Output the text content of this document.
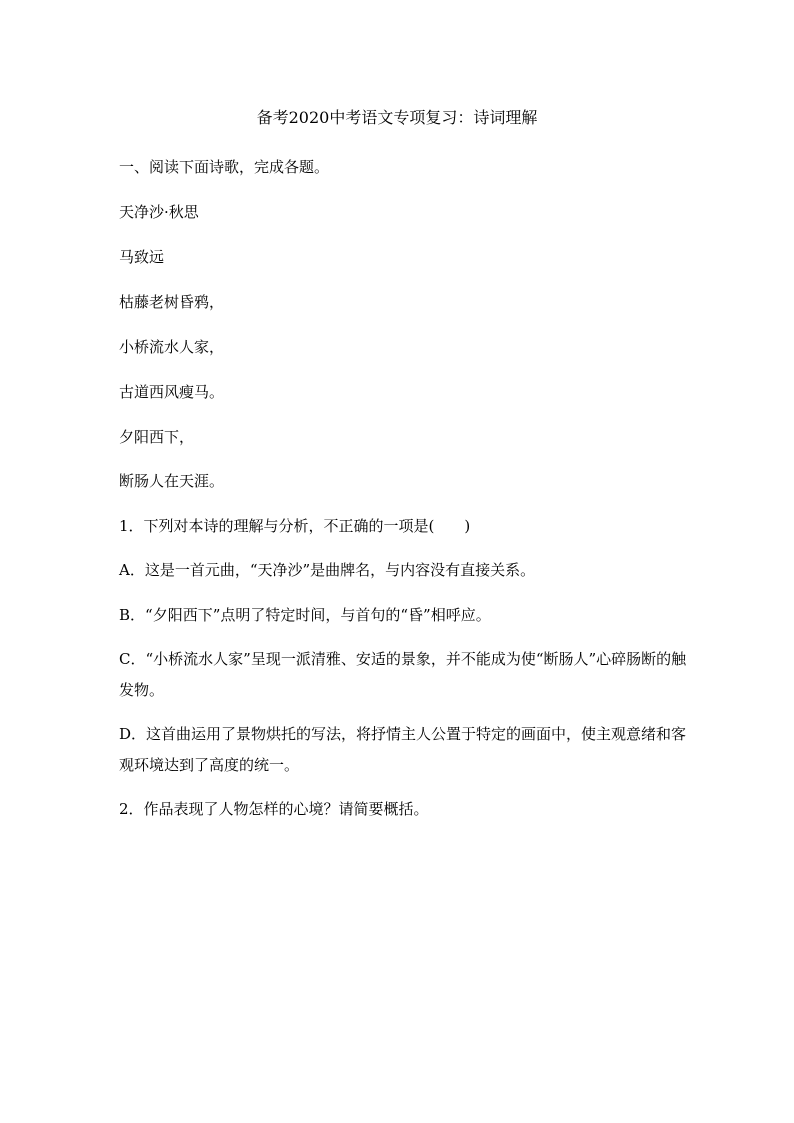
备考2020中考语文专项复习：诗词理解
一、阅读下面诗歌，完成各题。
天净沙·秋思
马致远
枯藤老树昏鸦，
小桥流水人家，
古道西风瘦马。
夕阳西下，
断肠人在天涯。
1．下列对本诗的理解与分析，不正确的一项是(　　)
A．这是一首元曲，“天净沙”是曲牌名，与内容没有直接关系。
B．“夕阳西下”点明了特定时间，与首句的“昏”相呼应。
C．“小桥流水人家”呈现一派清雅、安适的景象，并不能成为使“断肠人”心碎肠断的触发物。
D．这首曲运用了景物烘托的写法，将抒情主人公置于特定的画面中，使主观意绪和客观环境达到了高度的统一。
2．作品表现了人物怎样的心境？请简要概括。
